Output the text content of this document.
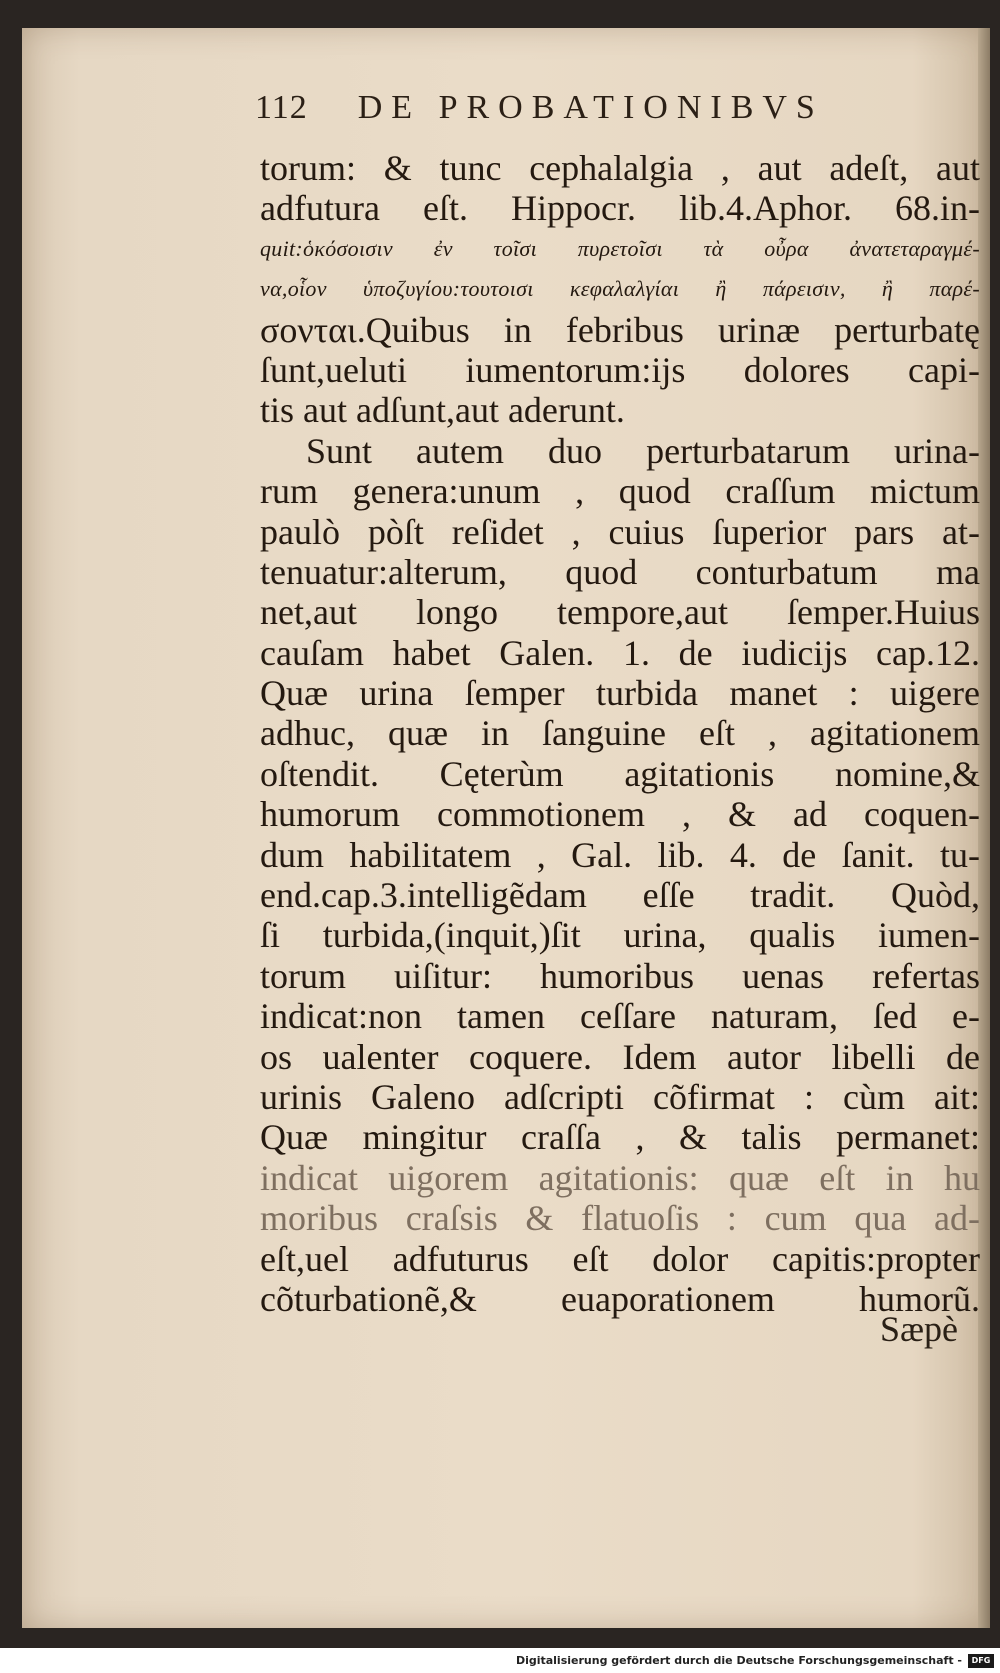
112 DE PROBATIONIBVS
torum: & tunc cephalalgia , aut adeſt, aut
adfutura eſt. Hippocr. lib.4.Aphor. 68.in-
quit:ὁκόσοισιν ἐν τοῖσι πυρετοῖσι τὰ οὖρα ἀνατεταραγμέ-
να,οἷον ὑποζυγίου:τουτοισι κεφαλαλγίαι ἢ πάρεισιν, ἢ παρέ-
σονται.Quibus in febribus urinæ perturbatę
ſunt,ueluti iumentorum:ijs dolores capi-
tis aut adſunt,aut aderunt.
Sunt autem duo perturbatarum urina-
rum genera:unum , quod craſſum mictum
paulò pòſt reſidet , cuius ſuperior pars at-
tenuatur:alterum, quod conturbatum ma
net,aut longo tempore,aut ſemper.Huius
cauſam habet Galen. 1. de iudicijs cap.12.
Quæ urina ſemper turbida manet : uigere
adhuc, quæ in ſanguine eſt , agitationem
oſtendit. Cęterùm agitationis nomine,&
humorum commotionem , & ad coquen-
dum habilitatem , Gal. lib. 4. de ſanit. tu-
end.cap.3.intelligẽdam eſſe tradit. Quòd,
ſi turbida,(inquit,)ſit urina, qualis iumen-
torum uiſitur: humoribus uenas refertas
indicat:non tamen ceſſare naturam, ſed e-
os ualenter coquere. Idem autor libelli de
urinis Galeno adſcripti cõfirmat : cùm ait:
Quæ mingitur craſſa , & talis permanet:
indicat uigorem agitationis: quæ eſt in hu
moribus craſsis & flatuoſis : cum qua ad-
eſt,uel adfuturus eſt dolor capitis:propter
cõturbationẽ,& euaporationem humorũ.
Sæpè
Digitalisierung gefördert durch die Deutsche Forschungsgemeinschaft -	DFG
